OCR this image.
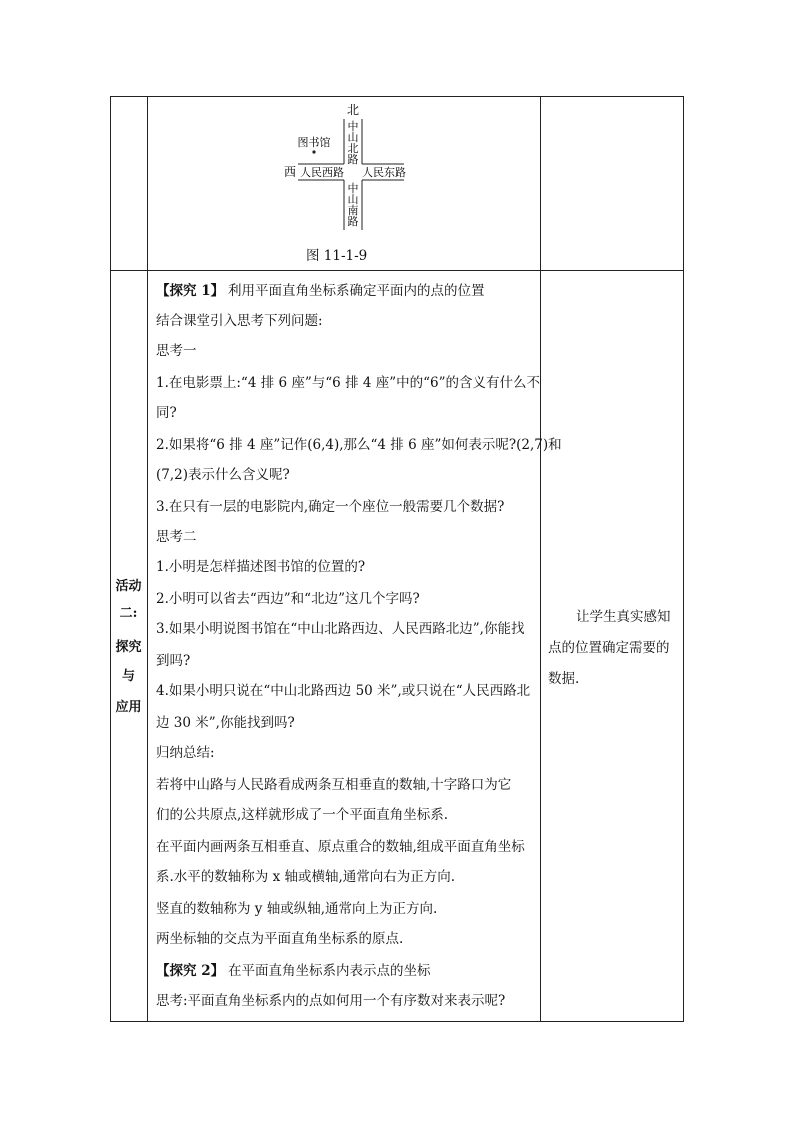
北
中
山
北
路
图书馆
西 人民西路 人民东路
中
山
南
路
图 11-1-9
活动
二:
探究
与
应用
【探究 1】 利用平面直角坐标系确定平面内的点的位置
结合课堂引入思考下列问题:
思考一
1.在电影票上:“4 排 6 座”与“6 排 4 座”中的“6”的含义有什么不
同?
2.如果将“6 排 4 座”记作(6,4),那么“4 排 6 座”如何表示呢?(2,7)和
(7,2)表示什么含义呢?
3.在只有一层的电影院内,确定一个座位一般需要几个数据?
思考二
1.小明是怎样描述图书馆的位置的?
2.小明可以省去“西边”和“北边”这几个字吗?
3.如果小明说图书馆在“中山北路西边、人民西路北边”,你能找
到吗?
4.如果小明只说在“中山北路西边 50 米”,或只说在“人民西路北
边 30 米”,你能找到吗?
归纳总结:
若将中山路与人民路看成两条互相垂直的数轴,十字路口为它
们的公共原点,这样就形成了一个平面直角坐标系.
在平面内画两条互相垂直、原点重合的数轴,组成平面直角坐标
系.水平的数轴称为 x 轴或横轴,通常向右为正方向.
竖直的数轴称为 y 轴或纵轴,通常向上为正方向.
两坐标轴的交点为平面直角坐标系的原点.
【探究 2】 在平面直角坐标系内表示点的坐标
思考:平面直角坐标系内的点如何用一个有序数对来表示呢?
让学生真实感知
点的位置确定需要的
数据.
